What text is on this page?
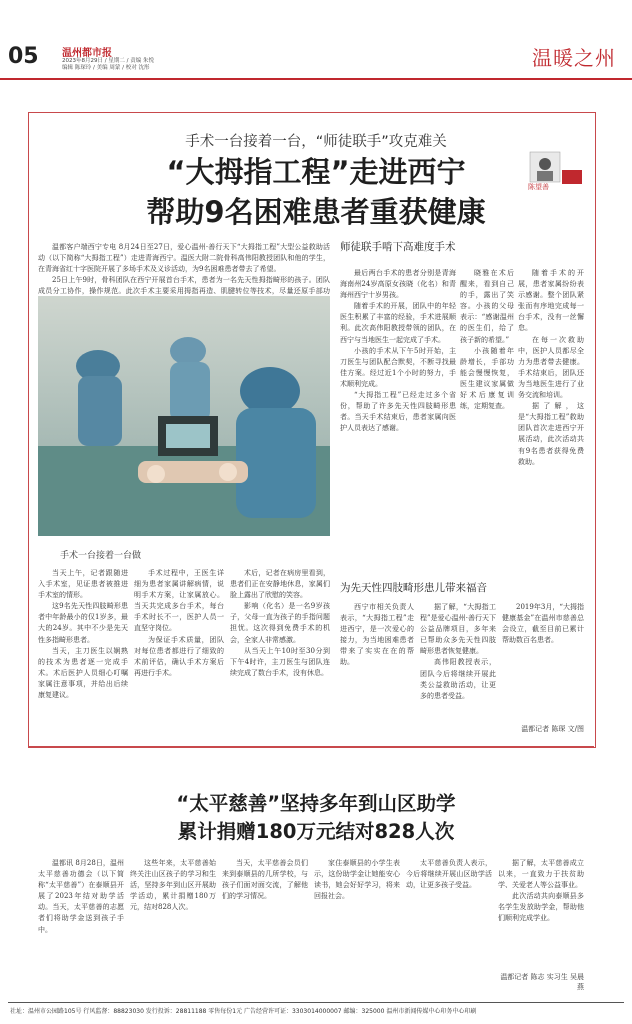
05 温州都市报
2023年8月29日 / 星期二 / 责编 朱悦
编辑 陈琛玲 / 美编 周蒙 / 校对 沈彤	温暖之州
手术一台接着一台，“师徒联手”攻克难关
“大拇指工程”走进西宁
帮助9名困难患者重获健康
陈望善

温都客户端西宁专电 8月24日至27日，爱心温州·善行天下“大拇指工程”大型公益救助活动（以下简称“大拇指工程”）走进青海西宁。温医大附二院骨科高伟阳教授团队和他的学生，在青海省红十字医院开展了多场手术及义诊活动，为9名困难患者带去了希望。

25日上午9时，骨科团队在西宁开展首台手术，患者为一名先天性拇指畸形的孩子。团队成员分工协作，操作规范。此次手术主要采用拇指再造、肌腱转位等技术，尽量还原手部功

手术一台接着一台做
师徒联手啃下高难度手术

最后两台手术的患者分别是青海海南州24岁高原女孩晓（化名）和青海州西宁十岁男孩。

随着手术的开展，团队中的年轻医生积累了丰富的经验，手术进展顺利。此次高伟阳教授带领的团队，在西宁与当地医生一起完成了手术。

小孩的手术从下午5时开始，主刀医生与团队配合默契，不断寻找最佳方案。经过近1个小时的努力，手术顺利完成。

“大拇指工程”已经走过多个省份，帮助了许多先天性四肢畸形患者。当天手术结束后，患者家属向医护人员表达了感谢。

晓雅在术后醒来，看到自己的手，露出了笑容。小孩的父母表示：“感谢温州的医生们，给了孩子新的希望。”

小孩随着年龄增长，手部功能会慢慢恢复，医生建议家属做好术后康复训练，定期复查。

随着手术的开展，患者家属纷纷表示感谢。整个团队紧张而有序地完成每一台手术，没有一丝懈怠。

在每一次救助中，医护人员都尽全力为患者带去健康。手术结束后，团队还为当地医生进行了业务交流和培训。

据了解，这是“大拇指工程”救助团队首次走进西宁开展活动，此次活动共有9名患者获得免费救助。

当天上午，记者跟随进入手术室，见证患者被推进手术室的情形。

这9名先天性四肢畸形患者中年龄最小的仅1岁多，最大的24岁。其中不少是先天性多指畸形患者。

当天，主刀医生以娴熟的技术为患者逐一完成手术。术后医护人员细心叮嘱家属注意事项，并给出后续康复建议。

手术过程中，王医生详细为患者家属讲解病情，说明手术方案，让家属放心。当天共完成多台手术，每台手术时长不一，医护人员一直坚守岗位。

为保证手术质量，团队对每位患者都进行了细致的术前评估，确认手术方案后再进行手术。

术后，记者在病房里看到，患者们正在安静地休息，家属们脸上露出了欣慰的笑容。

影响（化名）是一名9岁孩子，父母一直为孩子的手指问题担忧。这次得到免费手术的机会，全家人非常感激。

从当天上午10时至30分到下午4时许，主刀医生与团队连续完成了数台手术，没有休息。

为先天性四肢畸形患儿带来福音

西宁市相关负责人表示，“大拇指工程”走进西宁，是一次爱心的接力，为当地困难患者带来了实实在在的帮助。

据了解，“大拇指工程”是爱心温州·善行天下公益品牌项目，多年来已帮助众多先天性四肢畸形患者恢复健康。

高伟阳教授表示，团队今后将继续开展此类公益救助活动，让更多的患者受益。

2019年3月，“大拇指健康基金”在温州市慈善总会设立，截至目前已累计帮助数百名患者。

温都记者 陈琛 文/图
“太平慈善”坚持多年到山区助学
累计捐赠180万元结对828人次

温都讯 8月28日，温州太平慈善功德会（以下简称“太平慈善”）在泰顺县开展了2023年结对助学活动。当天，太平慈善的志愿者们将助学金送到孩子手中。

这些年来，太平慈善始终关注山区孩子的学习和生活，坚持多年到山区开展助学活动，累计捐赠180万元，结对828人次。

当天，太平慈善会员们来到泰顺县的几所学校，与孩子们面对面交流，了解他们的学习情况。

家住泰顺县的小学生表示，这份助学金让她能安心读书，她会好好学习，将来回报社会。

太平慈善负责人表示，今后将继续开展山区助学活动，让更多孩子受益。

据了解，太平慈善成立以来，一直致力于扶贫助学、关爱老人等公益事业。

此次活动共向泰顺县多名学生发放助学金，帮助他们顺利完成学业。

温都记者 陈志 实习生 吴晨燕
社址：温州市公园路105号 行风监督：88823030 发行投诉：28811188 零售每份1元 广告经营许可证：3303014000007 邮编：325000 温州市新闻传媒中心印务中心印刷
